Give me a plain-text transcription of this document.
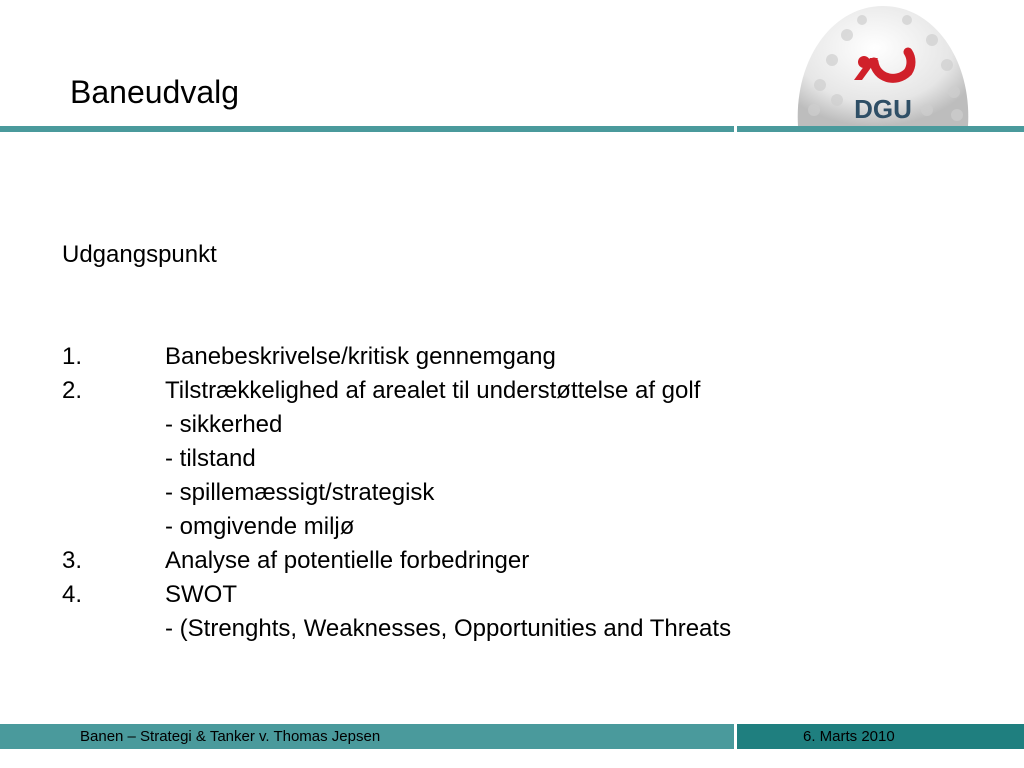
Baneudvalg	DGU
Udgangspunkt
1.	Banebeskrivelse/kritisk gennemgang
2.	Tilstrækkelighed af arealet til understøttelse af golf
- sikkerhed
- tilstand
- spillemæssigt/strategisk
- omgivende miljø
3.	Analyse af potentielle forbedringer
4.	SWOT
- (Strenghts, Weaknesses, Opportunities and Threats
Banen – Strategi & Tanker v. Thomas Jepsen	6. Marts 2010
